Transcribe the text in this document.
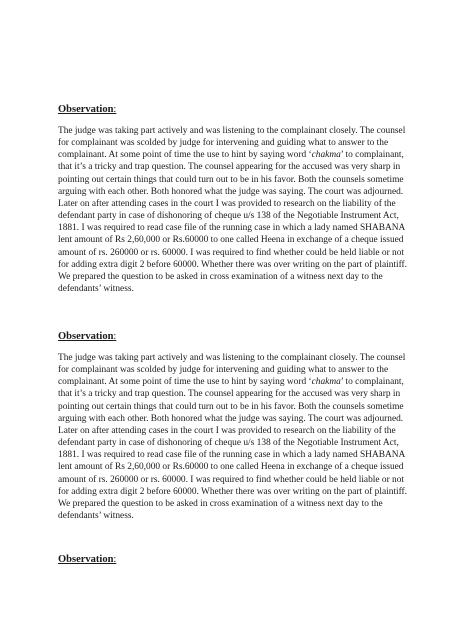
Observation:
The judge was taking part actively and was listening to the complainant closely. The counsel
for complainant was scolded by judge for intervening and guiding what to answer to the
complainant. At some point of time the use to hint by saying word ‘chakma’ to complainant,
that it’s a tricky and trap question. The counsel appearing for the accused was very sharp in
pointing out certain things that could turn out to be in his favor. Both the counsels sometime
arguing with each other. Both honored what the judge was saying. The court was adjourned.
Later on after attending cases in the court I was provided to research on the liability of the
defendant party in case of dishonoring of cheque u/s 138 of the Negotiable Instrument Act,
1881. I was required to read case file of the running case in which a lady named SHABANA
lent amount of Rs 2,60,000 or Rs.60000 to one called Heena in exchange of a cheque issued
amount of rs. 260000 or rs. 60000. I was required to find whether could be held liable or not
for adding extra digit 2 before 60000. Whether there was over writing on the part of plaintiff.
We prepared the question to be asked in cross examination of a witness next day to the
defendants’ witness.
Observation:
The judge was taking part actively and was listening to the complainant closely. The counsel
for complainant was scolded by judge for intervening and guiding what to answer to the
complainant. At some point of time the use to hint by saying word ‘chakma’ to complainant,
that it’s a tricky and trap question. The counsel appearing for the accused was very sharp in
pointing out certain things that could turn out to be in his favor. Both the counsels sometime
arguing with each other. Both honored what the judge was saying. The court was adjourned.
Later on after attending cases in the court I was provided to research on the liability of the
defendant party in case of dishonoring of cheque u/s 138 of the Negotiable Instrument Act,
1881. I was required to read case file of the running case in which a lady named SHABANA
lent amount of Rs 2,60,000 or Rs.60000 to one called Heena in exchange of a cheque issued
amount of rs. 260000 or rs. 60000. I was required to find whether could be held liable or not
for adding extra digit 2 before 60000. Whether there was over writing on the part of plaintiff.
We prepared the question to be asked in cross examination of a witness next day to the
defendants’ witness.
Observation:
